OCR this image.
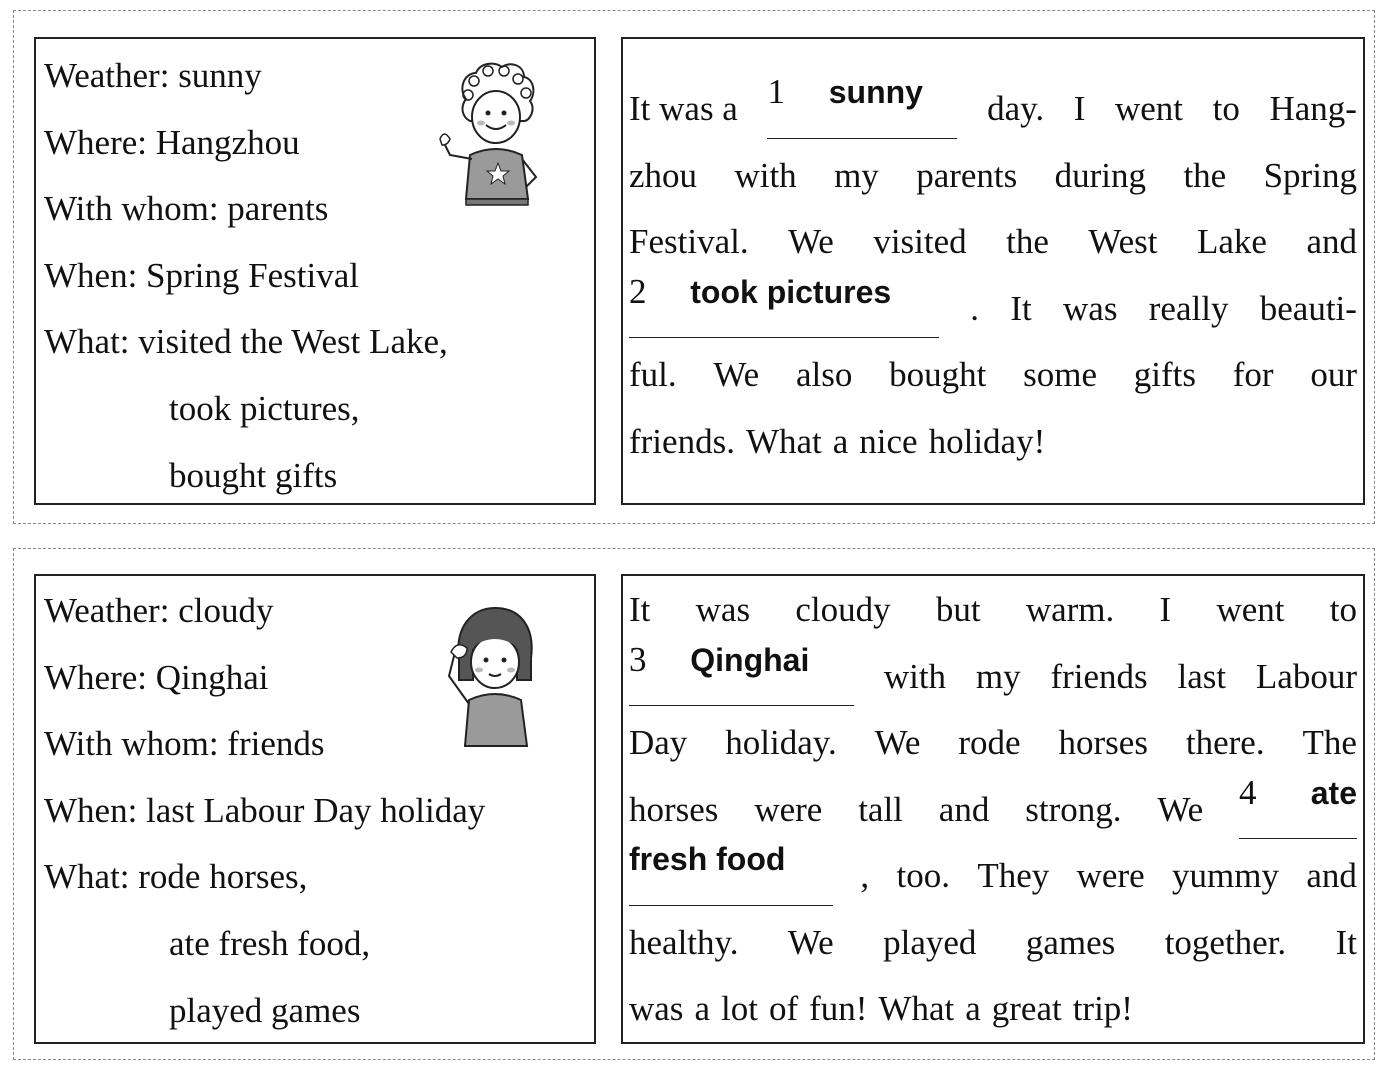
Weather: sunny
Where: Hangzhou
With whom: parents
When: Spring Festival
What: visited the West Lake,
took pictures,
bought gifts
It was a 1 sunny	day. I went to Hang-
zhou with my parents during the Spring
Festival. We visited the West Lake and
2 took pictures	. It was really beauti-
ful. We also bought some gifts for our
friends. What a nice holiday!
Weather: cloudy
Where: Qinghai
With whom: friends
When: last Labour Day holiday
What: rode horses,
ate fresh food,
played games
It was cloudy but warm. I went to
3 Qinghai	with my friends last Labour
Day holiday. We rode horses there. The
horses were tall and strong. We 4 ate
fresh food	, too. They were yummy and
healthy. We played games together. It
was a lot of fun! What a great trip!
